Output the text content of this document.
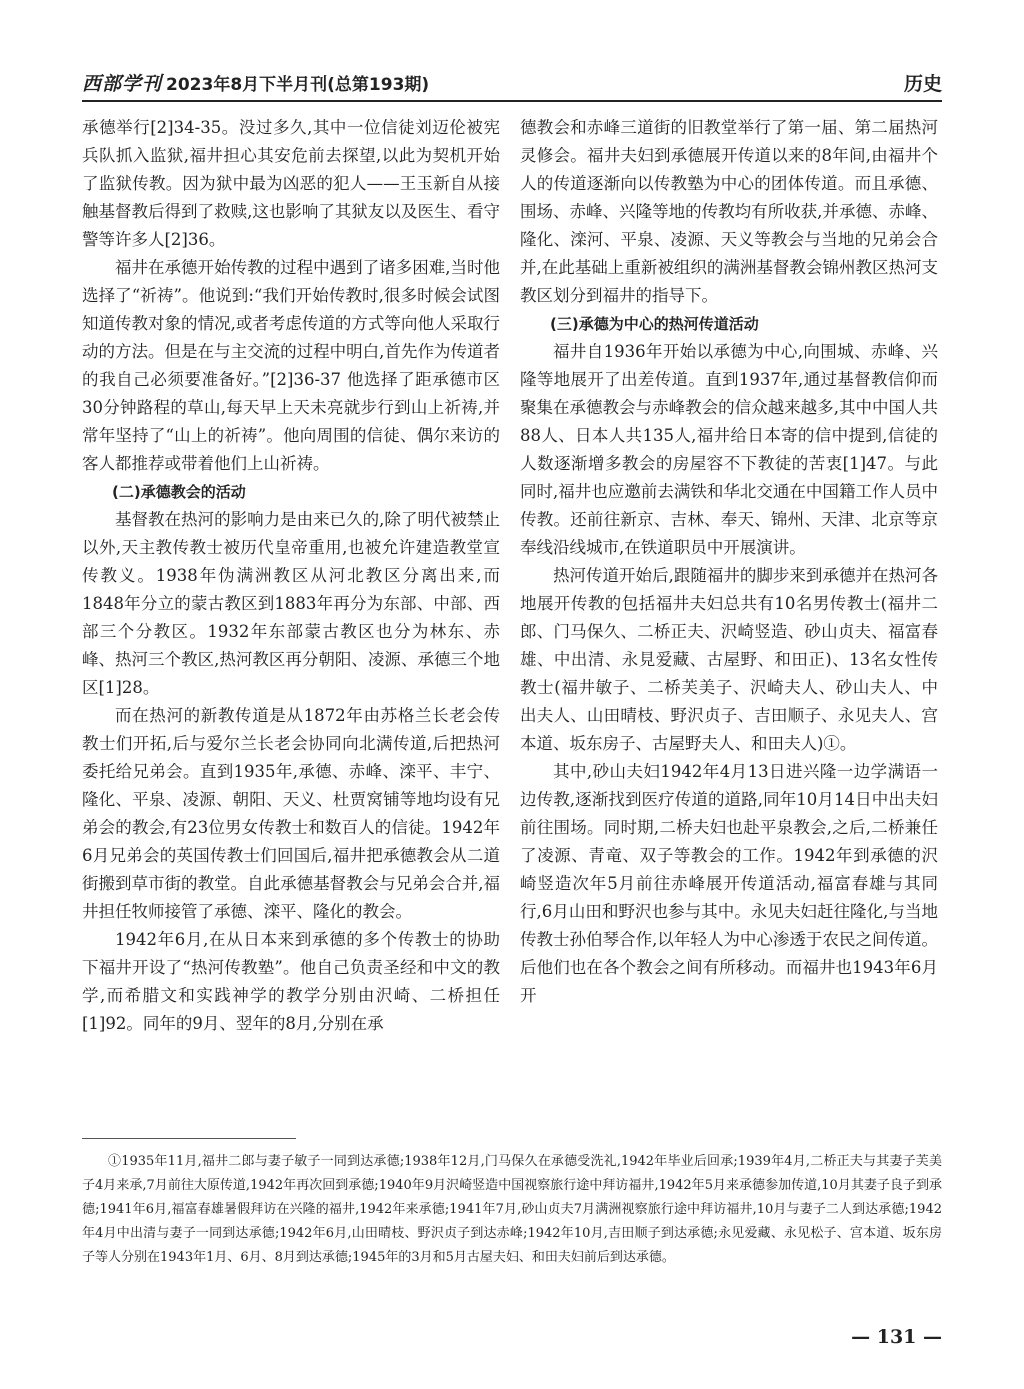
西部学刊 2023年8月下半月刊(总第193期)	历史

承德举行[2]34-35。没过多久,其中一位信徒刘迈伦被宪兵队抓入监狱,福井担心其安危前去探望,以此为契机开始了监狱传教。因为狱中最为凶恶的犯人——王玉新自从接触基督教后得到了救赎,这也影响了其狱友以及医生、看守警等许多人[2]36。

福井在承德开始传教的过程中遇到了诸多困难,当时他选择了“祈祷”。他说到:“我们开始传教时,很多时候会试图知道传教对象的情况,或者考虑传道的方式等向他人采取行动的方法。但是在与主交流的过程中明白,首先作为传道者的我自己必须要准备好。”[2]36-37 他选择了距承德市区30分钟路程的草山,每天早上天未亮就步行到山上祈祷,并常年坚持了“山上的祈祷”。他向周围的信徒、偶尔来访的客人都推荐或带着他们上山祈祷。

(二)承德教会的活动

基督教在热河的影响力是由来已久的,除了明代被禁止以外,天主教传教士被历代皇帝重用,也被允许建造教堂宣传教义。1938年伪满洲教区从河北教区分离出来,而1848年分立的蒙古教区到1883年再分为东部、中部、西部三个分教区。1932年东部蒙古教区也分为林东、赤峰、热河三个教区,热河教区再分朝阳、凌源、承德三个地区[1]28。

而在热河的新教传道是从1872年由苏格兰长老会传教士们开拓,后与爱尔兰长老会协同向北满传道,后把热河委托给兄弟会。直到1935年,承德、赤峰、滦平、丰宁、隆化、平泉、凌源、朝阳、天义、杜贾窝铺等地均设有兄弟会的教会,有23位男女传教士和数百人的信徒。1942年6月兄弟会的英国传教士们回国后,福井把承德教会从二道街搬到草市街的教堂。自此承德基督教会与兄弟会合并,福井担任牧师接管了承德、滦平、隆化的教会。

1942年6月,在从日本来到承德的多个传教士的协助下福井开设了“热河传教塾”。他自己负责圣经和中文的教学,而希腊文和实践神学的教学分别由沢崎、二桥担任[1]92。同年的9月、翌年的8月,分别在承

德教会和赤峰三道街的旧教堂举行了第一届、第二届热河灵修会。福井夫妇到承德展开传道以来的8年间,由福井个人的传道逐渐向以传教塾为中心的团体传道。而且承德、围场、赤峰、兴隆等地的传教均有所收获,并承德、赤峰、隆化、滦河、平泉、凌源、天义等教会与当地的兄弟会合并,在此基础上重新被组织的满洲基督教会锦州教区热河支教区划分到福井的指导下。

(三)承德为中心的热河传道活动

福井自1936年开始以承德为中心,向围城、赤峰、兴隆等地展开了出差传道。直到1937年,通过基督教信仰而聚集在承德教会与赤峰教会的信众越来越多,其中中国人共88人、日本人共135人,福井给日本寄的信中提到,信徒的人数逐渐增多教会的房屋容不下教徒的苦衷[1]47。与此同时,福井也应邀前去满铁和华北交通在中国籍工作人员中传教。还前往新京、吉林、奉天、锦州、天津、北京等京奉线沿线城市,在铁道职员中开展演讲。

热河传道开始后,跟随福井的脚步来到承德并在热河各地展开传教的包括福井夫妇总共有10名男传教士(福井二郎、门马保久、二桥正夫、沢崎竖造、砂山贞夫、福富春雄、中出清、永見爱藏、古屋野、和田正)、13名女性传教士(福井敏子、二桥芙美子、沢崎夫人、砂山夫人、中出夫人、山田晴枝、野沢贞子、吉田顺子、永见夫人、宫本道、坂东房子、古屋野夫人、和田夫人)①。

其中,砂山夫妇1942年4月13日进兴隆一边学满语一边传教,逐渐找到医疗传道的道路,同年10月14日中出夫妇前往围场。同时期,二桥夫妇也赴平泉教会,之后,二桥兼任了凌源、青竜、双子等教会的工作。1942年到承德的沢崎竖造次年5月前往赤峰展开传道活动,福富春雄与其同行,6月山田和野沢也参与其中。永见夫妇赶往隆化,与当地传教士孙伯琴合作,以年轻人为中心渗透于农民之间传道。后他们也在各个教会之间有所移动。而福井也1943年6月开

①1935年11月,福井二郎与妻子敏子一同到达承德;1938年12月,门马保久在承德受洗礼,1942年毕业后回承;1939年4月,二桥正夫与其妻子芙美子4月来承,7月前往大原传道,1942年再次回到承德;1940年9月沢崎竖造中国视察旅行途中拜访福井,1942年5月来承德参加传道,10月其妻子良子到承德;1941年6月,福富春雄暑假拜访在兴隆的福井,1942年来承德;1941年7月,砂山贞夫7月满洲视察旅行途中拜访福井,10月与妻子二人到达承德;1942年4月中出清与妻子一同到达承德;1942年6月,山田晴枝、野沢贞子到达赤峰;1942年10月,吉田顺子到达承德;永见爱藏、永见松子、宫本道、坂东房子等人分别在1943年1月、6月、8月到达承德;1945年的3月和5月古屋夫妇、和田夫妇前后到达承德。

— 131 —
